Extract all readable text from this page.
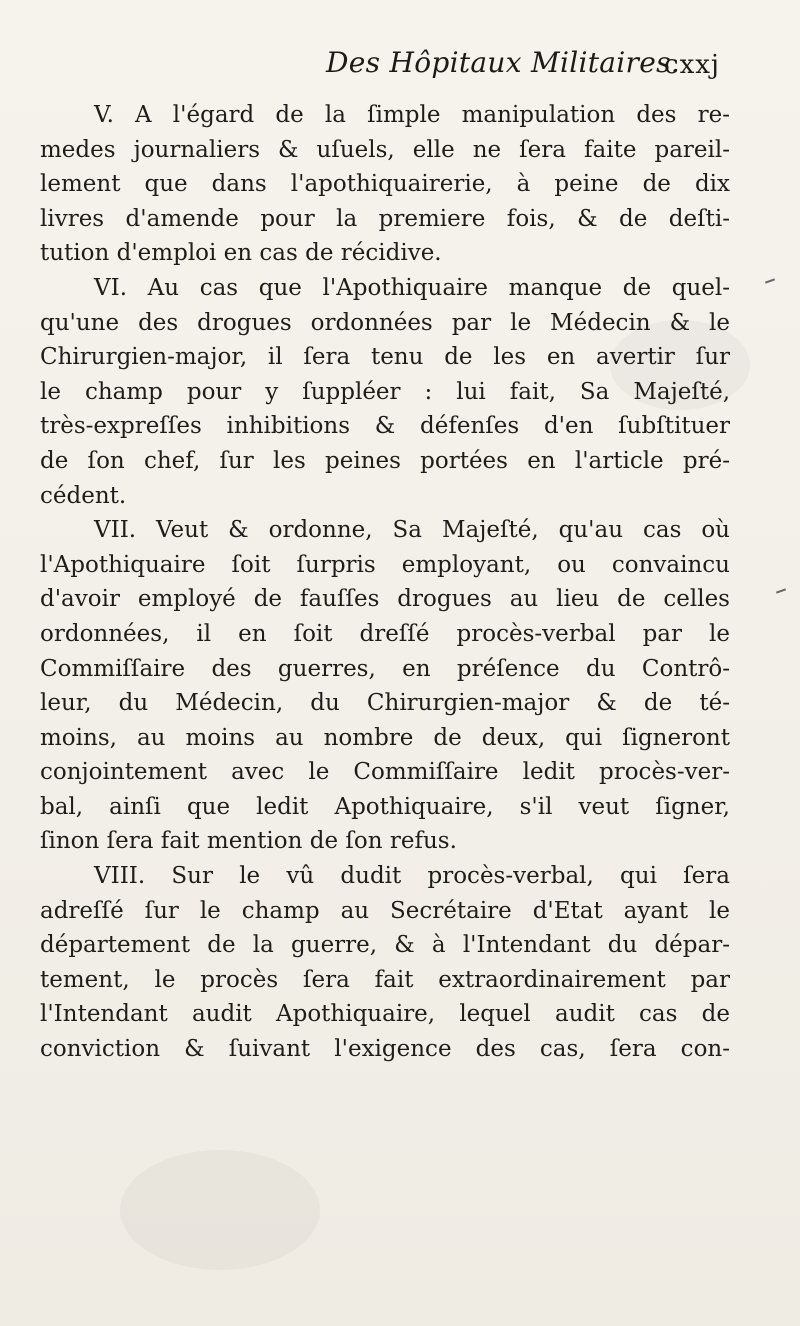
Des Hôpitaux Militaires.
cxxj
V. A l'égard de la ſimple manipulation des re-
medes journaliers & uſuels, elle ne ſera faite pareil-
lement que dans l'apothiquairerie, à peine de dix
livres d'amende pour la premiere fois, & de deſti-
tution d'emploi en cas de récidive.
VI. Au cas que l'Apothiquaire manque de quel-
qu'une des drogues ordonnées par le Médecin & le
Chirurgien-major, il ſera tenu de les en avertir ſur
le champ pour y ſuppléer : lui fait, Sa Majeſté,
très-expreſſes inhibitions & défenſes d'en ſubſtituer
de ſon chef, ſur les peines portées en l'article pré-
cédent.
VII. Veut & ordonne, Sa Majeſté, qu'au cas où
l'Apothiquaire ſoit ſurpris employant, ou convaincu
d'avoir employé de fauſſes drogues au lieu de celles
ordonnées, il en ſoit dreſſé procès-verbal par le
Commiſſaire des guerres, en préſence du Contrô-
leur, du Médecin, du Chirurgien-major & de té-
moins, au moins au nombre de deux, qui ſigneront
conjointement avec le Commiſſaire ledit procès-ver-
bal, ainſi que ledit Apothiquaire, s'il veut ſigner,
ſinon ſera fait mention de ſon refus.
VIII. Sur le vû dudit procès-verbal, qui ſera
adreſſé ſur le champ au Secrétaire d'Etat ayant le
département de la guerre, & à l'Intendant du dépar-
tement, le procès ſera fait extraordinairement par
l'Intendant audit Apothiquaire, lequel audit cas de
conviction & ſuivant l'exigence des cas, ſera con-
